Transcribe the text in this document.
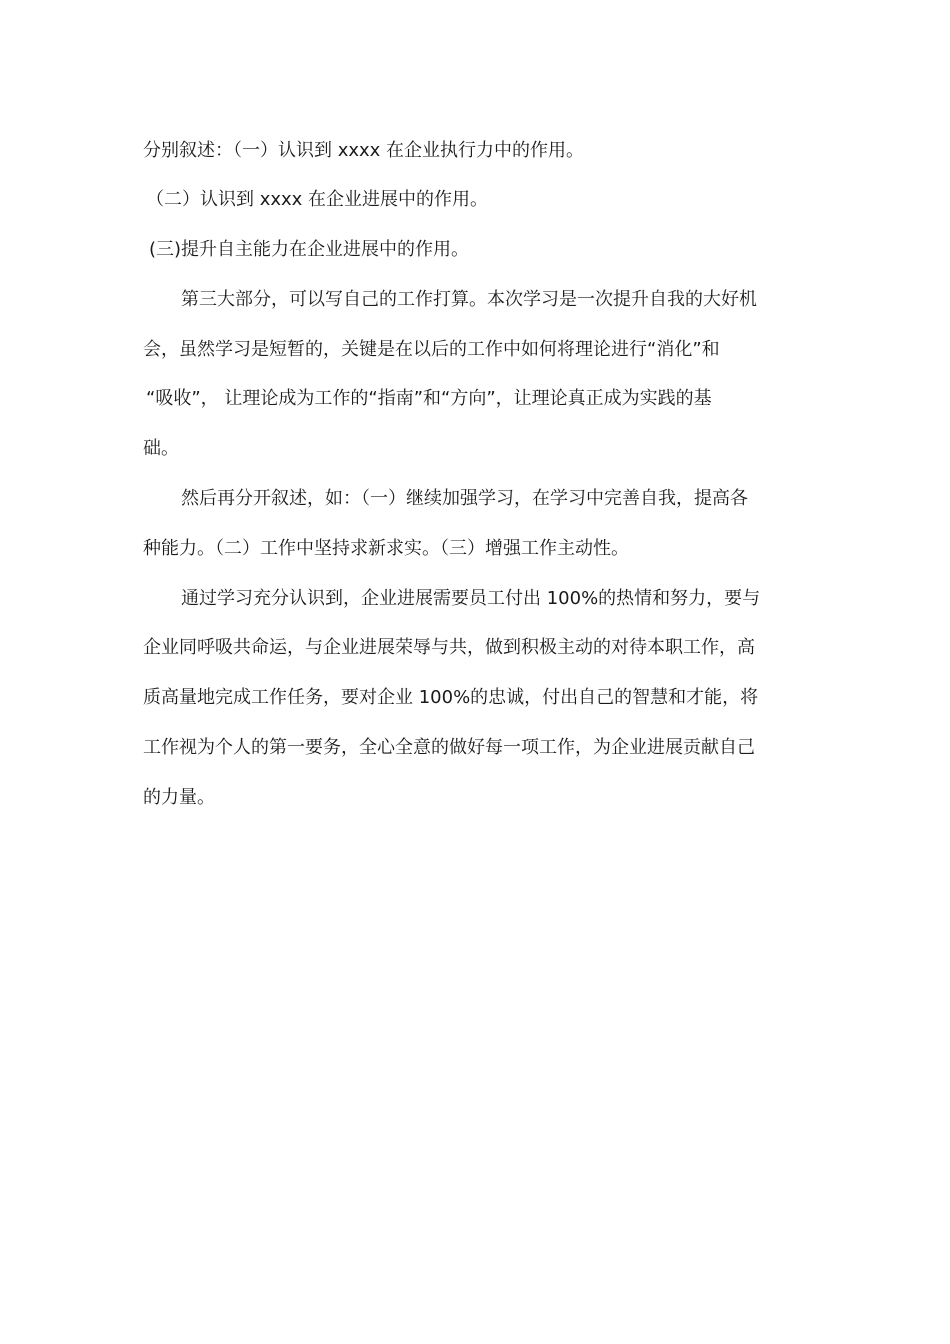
分别叙述：（一）认识到 xxxx 在企业执行力中的作用。
（二）认识到 xxxx 在企业进展中的作用。
(三)提升自主能力在企业进展中的作用。
第三大部分，可以写自己的工作打算。本次学习是一次提升自我的大好机
会，虽然学习是短暂的，关键是在以后的工作中如何将理论进行“消化”和
“吸收”， 让理论成为工作的“指南”和“方向”，让理论真正成为实践的基
础。
然后再分开叙述，如：（一）继续加强学习，在学习中完善自我，提高各
种能力。（二）工作中坚持求新求实。（三）增强工作主动性。
通过学习充分认识到，企业进展需要员工付出 100%的热情和努力，要与
企业同呼吸共命运，与企业进展荣辱与共，做到积极主动的对待本职工作，高
质高量地完成工作任务，要对企业 100%的忠诚，付出自己的智慧和才能，将
工作视为个人的第一要务，全心全意的做好每一项工作，为企业进展贡献自己
的力量。
